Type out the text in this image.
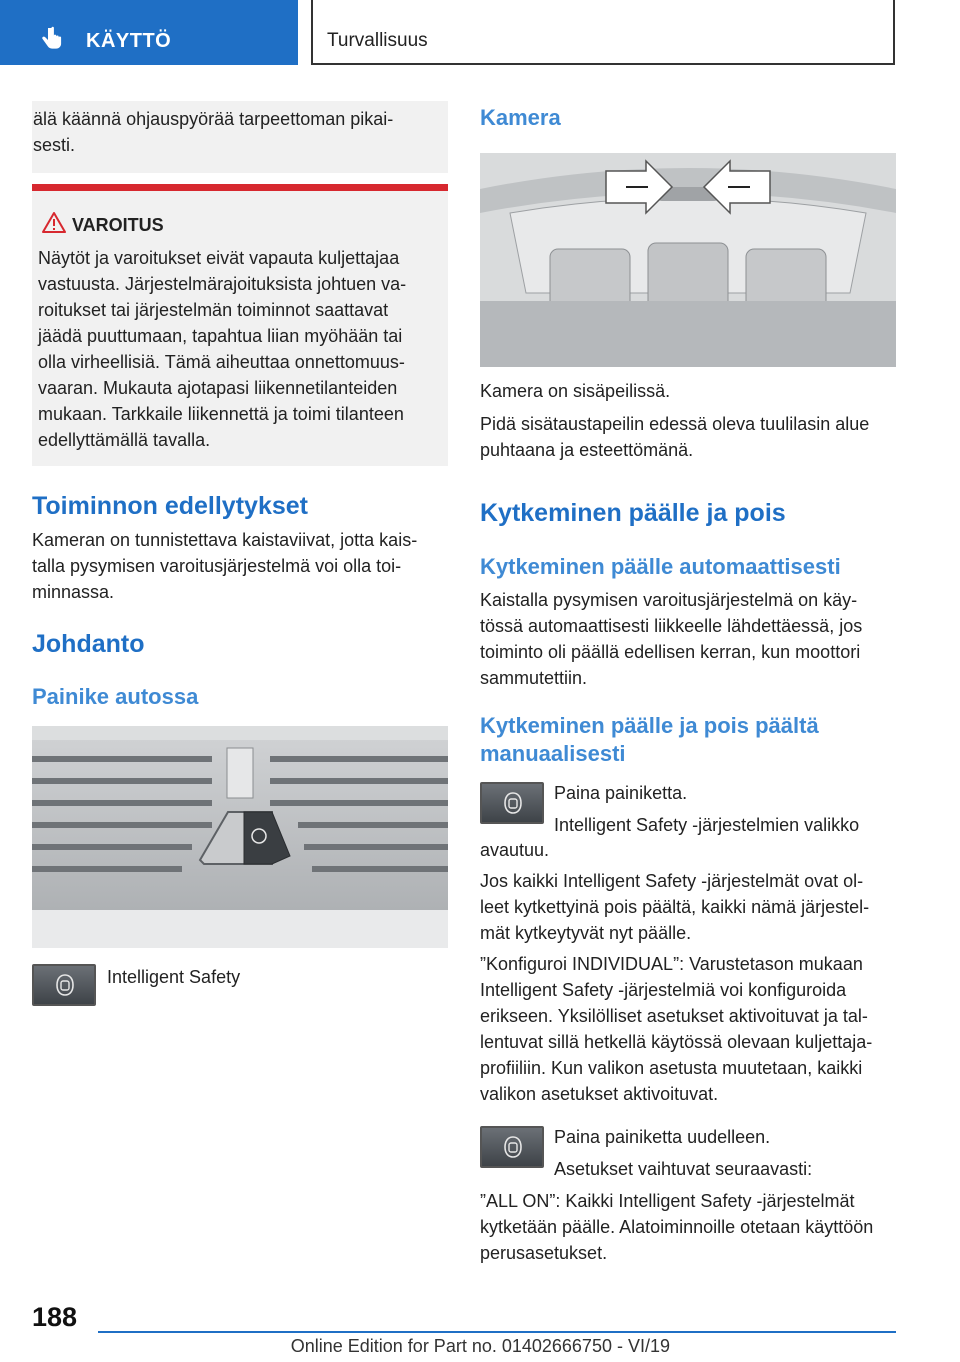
KÄYTTÖ	Turvallisuus
älä käännä ohjauspyörää tarpeettoman pikai-
sesti.
VAROITUS
Näytöt ja varoitukset eivät vapauta kuljettajaa
vastuusta. Järjestelmärajoituksista johtuen va-
roitukset tai järjestelmän toiminnot saattavat
jäädä puuttumaan, tapahtua liian myöhään tai
olla virheellisiä. Tämä aiheuttaa onnettomuus-
vaaran. Mukauta ajotapasi liikennetilanteiden
mukaan. Tarkkaile liikennettä ja toimi tilanteen
edellyttämällä tavalla.
Toiminnon edellytykset
Kameran on tunnistettava kaistaviivat, jotta kais-
talla pysymisen varoitusjärjestelmä voi olla toi-
minnassa.
Johdanto
Painike autossa
Intelligent Safety
Kamera
Kamera on sisäpeilissä.
Pidä sisätaustapeilin edessä oleva tuulilasin alue
puhtaana ja esteettömänä.
Kytkeminen päälle ja pois
Kytkeminen päälle automaattisesti
Kaistalla pysymisen varoitusjärjestelmä on käy-
tössä automaattisesti liikkeelle lähdettäessä, jos
toiminto oli päällä edellisen kerran, kun moottori
sammutettiin.
Kytkeminen päälle ja pois päältä
manuaalisesti
Paina painiketta.
Intelligent Safety -järjestelmien valikko
avautuu.
Jos kaikki Intelligent Safety -järjestelmät ovat ol-
leet kytkettyinä pois päältä, kaikki nämä järjestel-
mät kytkeytyvät nyt päälle.
”Konfiguroi INDIVIDUAL”: Varustetason mukaan
Intelligent Safety -järjestelmiä voi konfiguroida
erikseen. Yksilölliset asetukset aktivoituvat ja tal-
lentuvat sillä hetkellä käytössä olevaan kuljettaja-
profiiliin. Kun valikon asetusta muutetaan, kaikki
valikon asetukset aktivoituvat.
Paina painiketta uudelleen.
Asetukset vaihtuvat seuraavasti:
”ALL ON”: Kaikki Intelligent Safety -järjestelmät
kytketään päälle. Alatoiminnoille otetaan käyttöön
perusasetukset.
188
Online Edition for Part no. 01402666750 - VI/19
